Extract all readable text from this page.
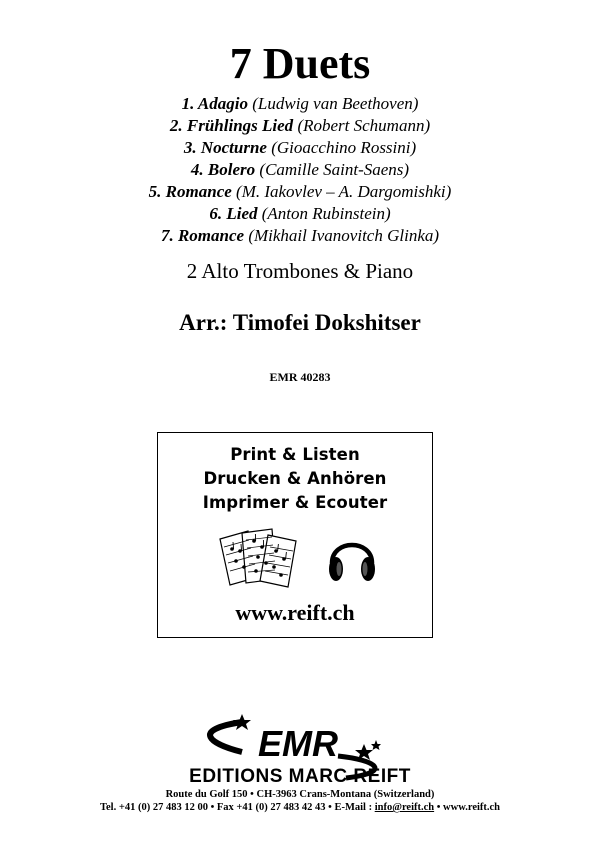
7 Duets
1. Adagio (Ludwig van Beethoven)
2. Frühlings Lied (Robert Schumann)
3. Nocturne (Gioacchino Rossini)
4. Bolero (Camille Saint-Saens)
5. Romance (M. Iakovlev – A. Dargomishki)
6. Lied (Anton Rubinstein)
7. Romance (Mikhail Ivanovitch Glinka)
2 Alto Trombones & Piano
Arr.: Timofei Dokshitser
EMR 40283
Print & Listen
Drucken & Anhören
Imprimer & Ecouter
www.reift.ch
EMR
EDITIONS MARC REIFT
Route du Golf 150 • CH-3963 Crans-Montana (Switzerland)
Tel. +41 (0) 27 483 12 00 • Fax +41 (0) 27 483 42 43 • E-Mail : info@reift.ch • www.reift.ch
